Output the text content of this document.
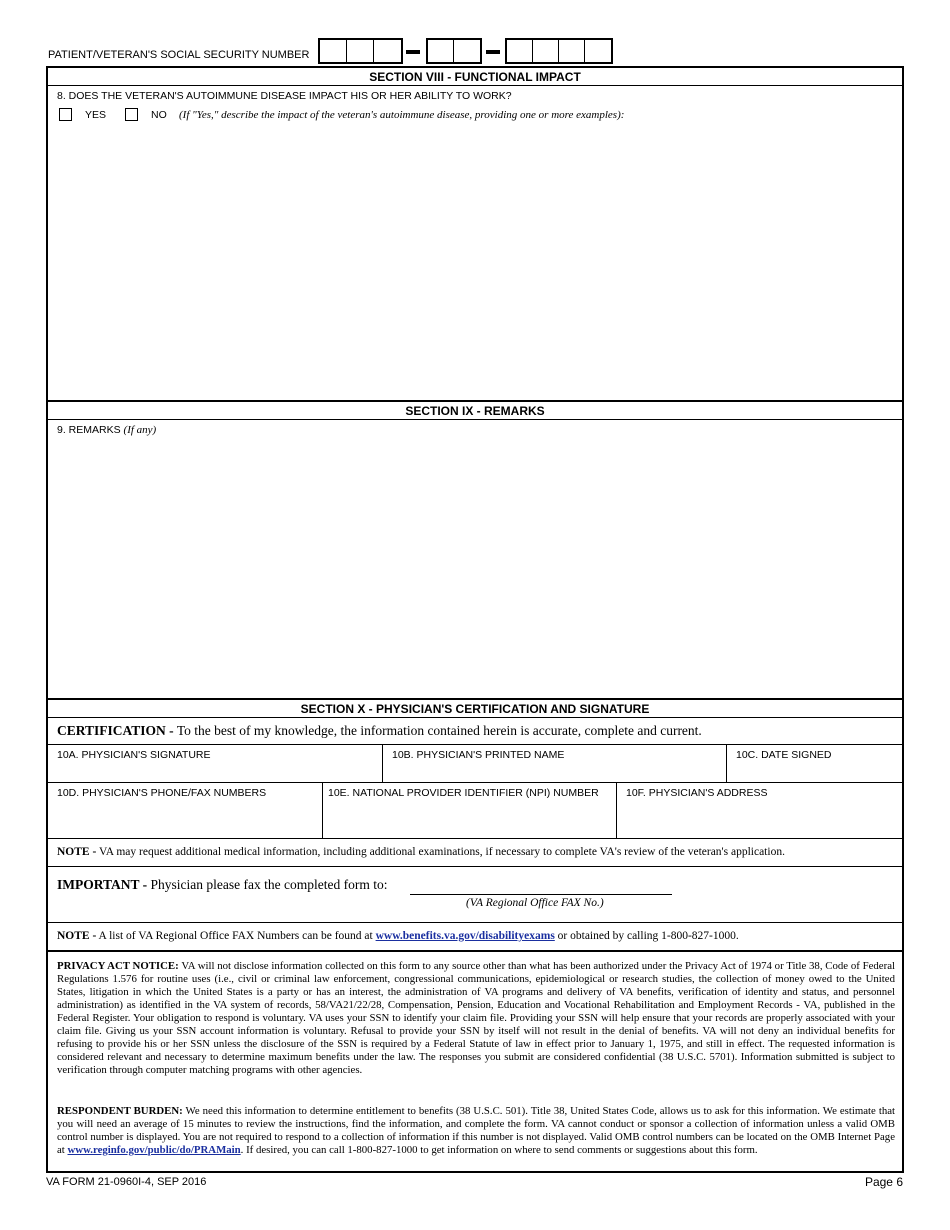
PATIENT/VETERAN'S SOCIAL SECURITY NUMBER
SECTION VIII - FUNCTIONAL IMPACT
8. DOES THE VETERAN'S AUTOIMMUNE DISEASE IMPACT HIS OR HER ABILITY TO WORK?
YES	NO (If "Yes," describe the impact of the veteran's autoimmune disease, providing one or more examples):
SECTION IX - REMARKS
9. REMARKS (If any)
SECTION X - PHYSICIAN'S CERTIFICATION AND SIGNATURE
CERTIFICATION - To the best of my knowledge, the information contained herein is accurate, complete and current.
10A. PHYSICIAN'S SIGNATURE	10B. PHYSICIAN'S PRINTED NAME	10C. DATE SIGNED
10D. PHYSICIAN'S PHONE/FAX NUMBERS	10E. NATIONAL PROVIDER IDENTIFIER (NPI) NUMBER	10F. PHYSICIAN'S ADDRESS
NOTE - VA may request additional medical information, including additional examinations, if necessary to complete VA's review of the veteran's application.
IMPORTANT - Physician please fax the completed form to:
(VA Regional Office FAX No.)
NOTE - A list of VA Regional Office FAX Numbers can be found at www.benefits.va.gov/disabilityexams or obtained by calling 1-800-827-1000.
PRIVACY ACT NOTICE: VA will not disclose information collected on this form to any source other than what has been authorized under the Privacy Act of 1974 or Title 38, Code of Federal Regulations 1.576 for routine uses (i.e., civil or criminal law enforcement, congressional communications, epidemiological or research studies, the collection of money owed to the United States, litigation in which the United States is a party or has an interest, the administration of VA programs and delivery of VA benefits, verification of identity and status, and personnel administration) as identified in the VA system of records, 58/VA21/22/28, Compensation, Pension, Education and Vocational Rehabilitation and Employment Records - VA, published in the Federal Register. Your obligation to respond is voluntary. VA uses your SSN to identify your claim file. Providing your SSN will help ensure that your records are properly associated with your claim file. Giving us your SSN account information is voluntary. Refusal to provide your SSN by itself will not result in the denial of benefits. VA will not deny an individual benefits for refusing to provide his or her SSN unless the disclosure of the SSN is required by a Federal Statute of law in effect prior to January 1, 1975, and still in effect. The requested information is considered relevant and necessary to determine maximum benefits under the law. The responses you submit are considered confidential (38 U.S.C. 5701). Information submitted is subject to verification through computer matching programs with other agencies.
RESPONDENT BURDEN: We need this information to determine entitlement to benefits (38 U.S.C. 501). Title 38, United States Code, allows us to ask for this information. We estimate that you will need an average of 15 minutes to review the instructions, find the information, and complete the form. VA cannot conduct or sponsor a collection of information unless a valid OMB control number is displayed. You are not required to respond to a collection of information if this number is not displayed. Valid OMB control numbers can be located on the OMB Internet Page at www.reginfo.gov/public/do/PRAMain. If desired, you can call 1-800-827-1000 to get information on where to send comments or suggestions about this form.
VA FORM 21-0960I-4, SEP 2016	Page 6
